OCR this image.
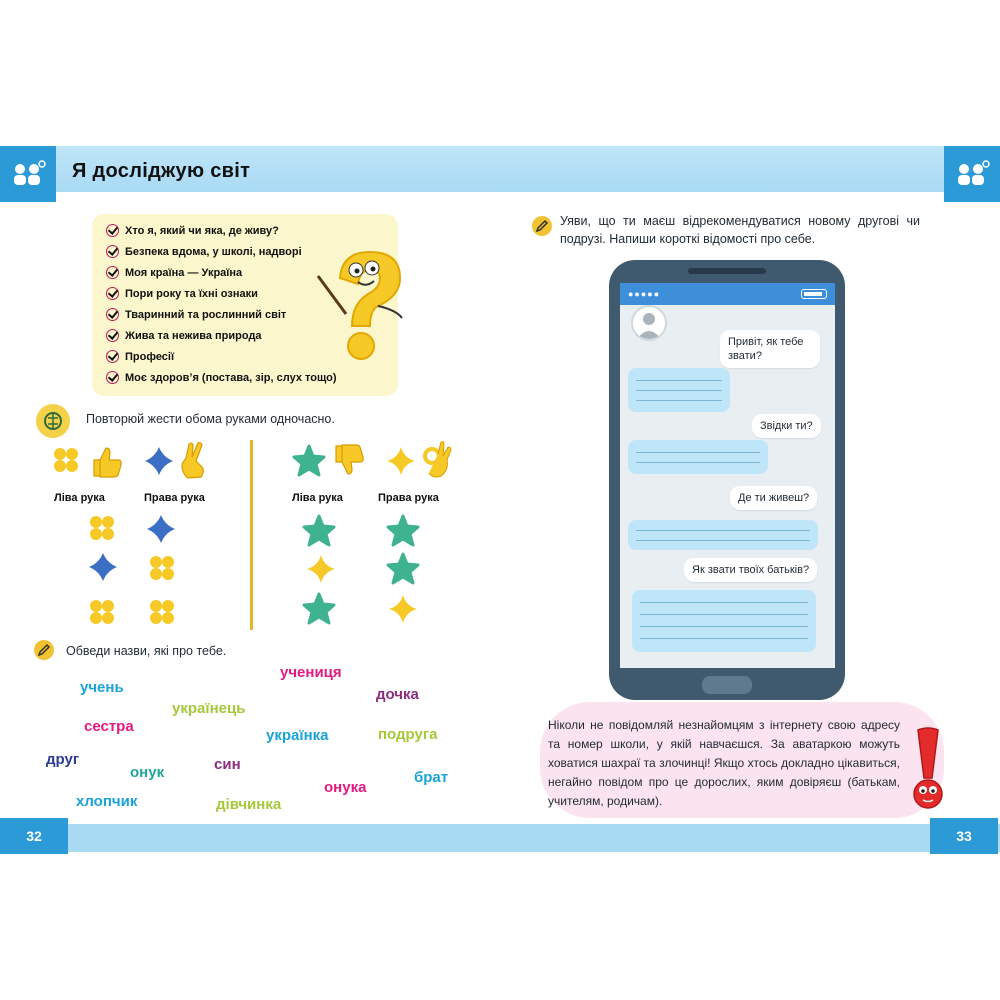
Я досліджую світ
Хто я, який чи яка, де живу?
Безпека вдома, у школі, надворі
Моя країна — Україна
Пори року та їхні ознаки
Тваринний та рослинний світ
Жива та нежива природа
Професії
Моє здоров’я (постава, зір, слух тощо)
Повторюй жести обома руками одночасно.
Ліва рука	Права рука	Ліва рука	Права рука
Обведи назви, які про тебе.
учениця
учень	дочка
сестра
українець
українка	подруга
друг
онук	син
брат
онука
хлопчик	дівчинка
Уяви, що ти маєш відрекомендуватися новому другові чи подрузі. Напиши короткі відомості про себе.
●●●●●
Привіт, як тебе звати?
Звідки ти?
Де ти живеш?
Як звати твоїх батьків?
Ніколи не повідомляй незнайомцям з інтернету свою адресу та номер школи, у якій навчаєшся. За аватаркою можуть ховатися шахраї та злочинці! Якщо хтось докладно цікавиться, негайно повідом про це дорослих, яким довіряєш (батькам, учителям, родичам).
32	33
